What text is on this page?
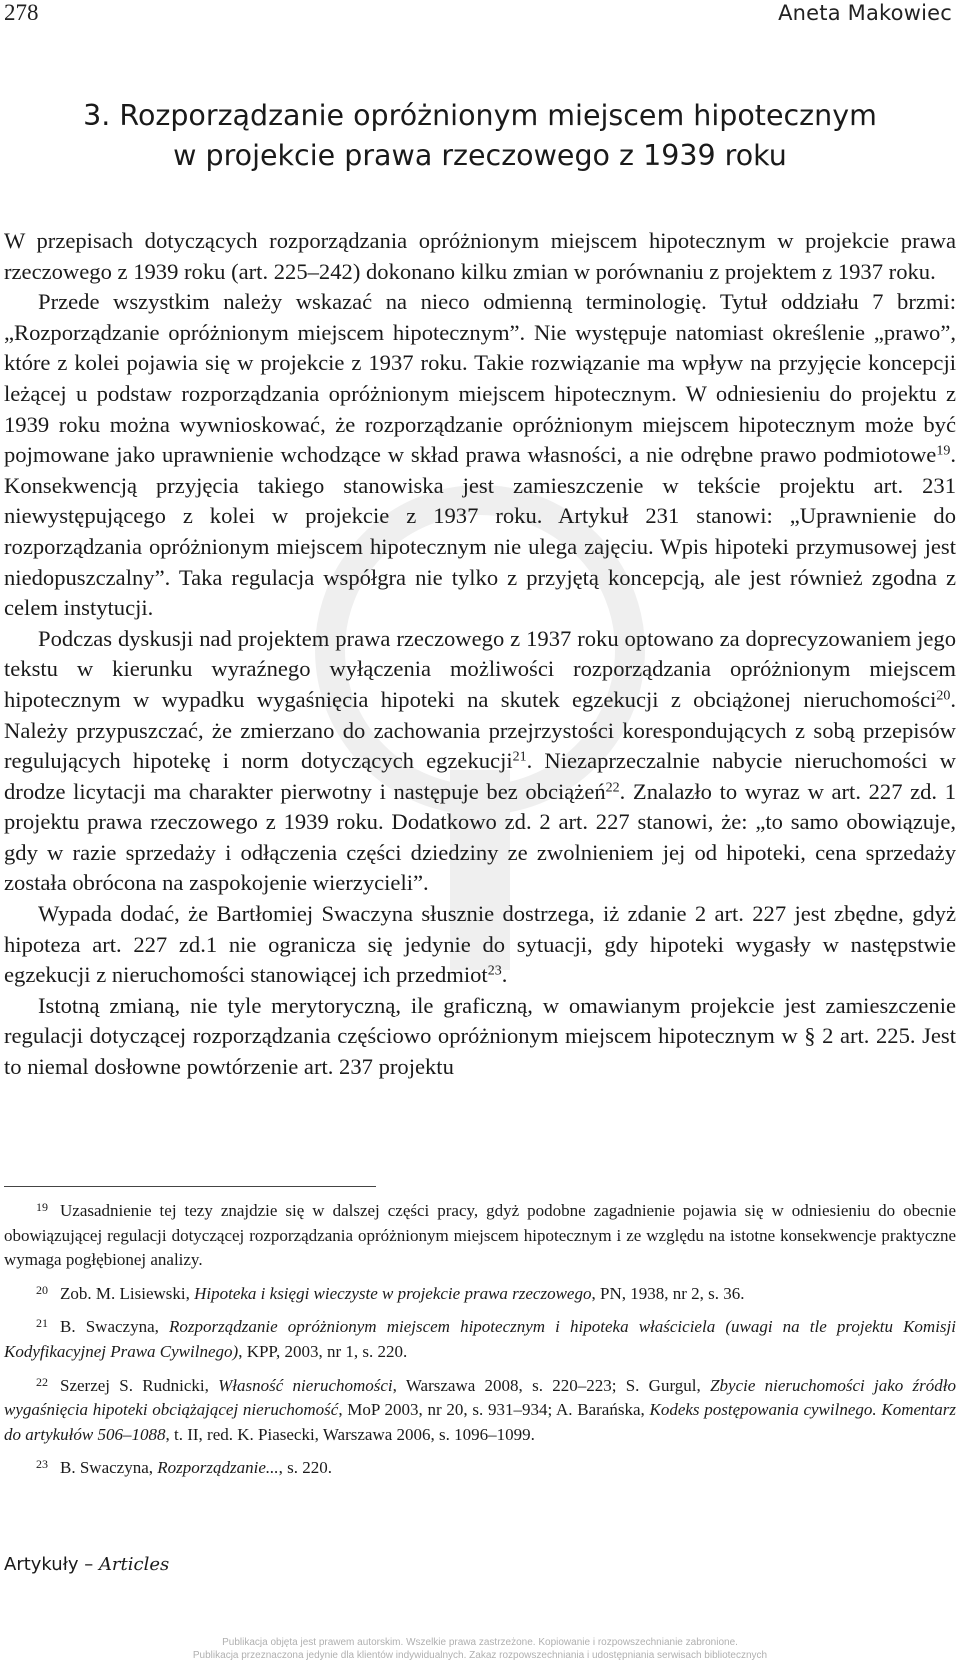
278	Aneta Makowiec
3. Rozporządzanie opróżnionym miejscem hipotecznym
w projekcie prawa rzeczowego z 1939 roku

W przepisach dotyczących rozporządzania opróżnionym miejscem hipotecznym w projekcie prawa rzeczowego z 1939 roku (art. 225–242) dokonano kilku zmian w porównaniu z projektem z 1937 roku.

Przede wszystkim należy wskazać na nieco odmienną terminologię. Tytuł oddziału 7 brzmi: „Rozporządzanie opróżnionym miejscem hipotecznym”. Nie występuje natomiast określenie „prawo”, które z kolei pojawia się w projekcie z 1937 roku. Takie rozwiązanie ma wpływ na przyjęcie koncepcji leżącej u podstaw rozporządzania opróżnionym miejscem hipotecznym. W odniesieniu do projektu z 1939 roku można wywnioskować, że rozporządzanie opróżnionym miejscem hipotecznym może być pojmowane jako uprawnienie wchodzące w skład prawa własności, a nie odrębne prawo podmiotowe$^{19}$. Konsekwencją przyjęcia takiego stanowiska jest zamieszczenie w tekście projektu art. 231 niewystępującego z kolei w projekcie z 1937 roku. Artykuł 231 stanowi: „Uprawnienie do rozporządzania opróżnionym miejscem hipotecznym nie ulega zajęciu. Wpis hipoteki przymusowej jest niedopuszczalny”. Taka regulacja współgra nie tylko z przyjętą koncepcją, ale jest również zgodna z celem instytucji.

Podczas dyskusji nad projektem prawa rzeczowego z 1937 roku optowano za doprecyzowaniem jego tekstu w kierunku wyraźnego wyłączenia możliwości rozporządzania opróżnionym miejscem hipotecznym w wypadku wygaśnięcia hipoteki na skutek egzekucji z obciążonej nieruchomości$^{20}$. Należy przypuszczać, że zmierzano do zachowania przejrzystości korespondujących z sobą przepisów regulujących hipotekę i norm dotyczących egzekucji$^{21}$. Niezaprzeczalnie nabycie nieruchomości w drodze licytacji ma charakter pierwotny i następuje bez obciążeń$^{22}$. Znalazło to wyraz w art. 227 zd. 1 projektu prawa rzeczowego z 1939 roku. Dodatkowo zd. 2 art. 227 stanowi, że: „to samo obowiązuje, gdy w razie sprzedaży i odłączenia części dziedziny ze zwolnieniem jej od hipoteki, cena sprzedaży została obrócona na zaspokojenie wierzycieli”.

Wypada dodać, że Bartłomiej Swaczyna słusznie dostrzega, iż zdanie 2 art. 227 jest zbędne, gdyż hipoteza art. 227 zd.1 nie ogranicza się jedynie do sytuacji, gdy hipoteki wygasły w następstwie egzekucji z nieruchomości stanowiącej ich przedmiot$^{23}$.

Istotną zmianą, nie tyle merytoryczną, ile graficzną, w omawianym projekcie jest zamieszczenie regulacji dotyczącej rozporządzania częściowo opróżnionym miejscem hipotecznym w § 2 art. 225. Jest to niemal dosłowne powtórzenie art. 237 projektu

$^{19}$ Uzasadnienie tej tezy znajdzie się w dalszej części pracy, gdyż podobne zagadnienie pojawia się w odniesieniu do obecnie obowiązującej regulacji dotyczącej rozporządzania opróżnionym miejscem hipotecznym i ze względu na istotne konsekwencje praktyczne wymaga pogłębionej analizy.

$^{20}$ Zob. M. Lisiewski, Hipoteka i księgi wieczyste w projekcie prawa rzeczowego, PN, 1938, nr 2, s. 36.

$^{21}$ B. Swaczyna, Rozporządzanie opróżnionym miejscem hipotecznym i hipoteka właściciela (uwagi na tle projektu Komisji Kodyfikacyjnej Prawa Cywilnego), KPP, 2003, nr 1, s. 220.

$^{22}$ Szerzej S. Rudnicki, Własność nieruchomości, Warszawa 2008, s. 220–223; S. Gurgul, Zbycie nieruchomości jako źródło wygaśnięcia hipoteki obciążającej nieruchomość, MoP 2003, nr 20, s. 931–934; A. Barańska, Kodeks postępowania cywilnego. Komentarz do artykułów 506–1088, t. II, red. K. Piasecki, Warszawa 2006, s. 1096–1099.

$^{23}$ B. Swaczyna, Rozporządzanie..., s. 220.

Artykuły – Articles
Publikacja objęta jest prawem autorskim. Wszelkie prawa zastrzeżone. Kopiowanie i rozpowszechnianie zabronione.
Publikacja przeznaczona jedynie dla klientów indywidualnych. Zakaz rozpowszechniania i udostępniania serwisach bibliotecznych
